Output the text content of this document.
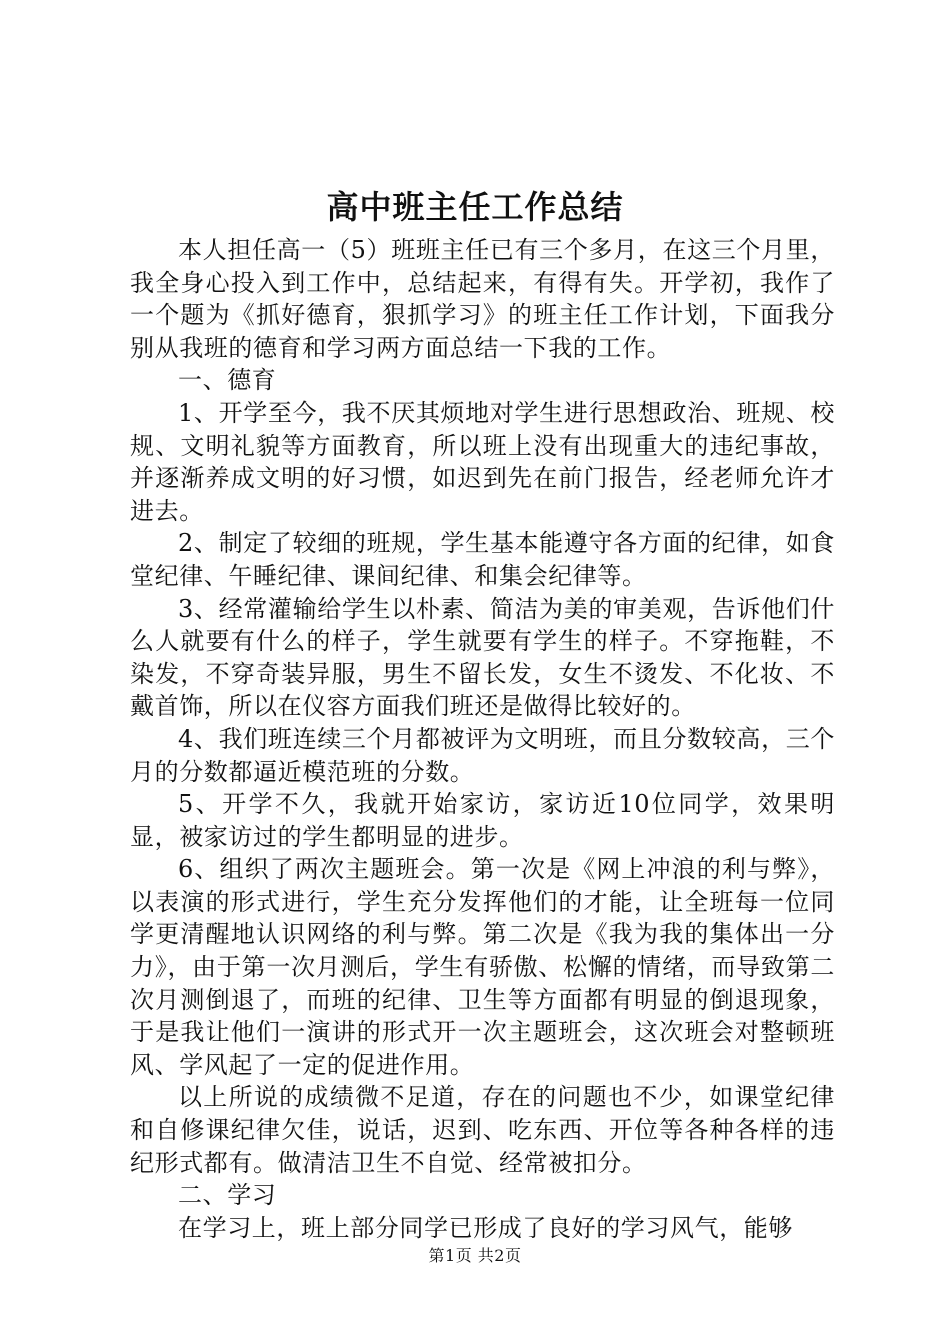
高中班主任工作总结

本人担任高一（5）班班主任已有三个多月，在这三个月里，我全身心投入到工作中，总结起来，有得有失。开学初，我作了一个题为《抓好德育，狠抓学习》的班主任工作计划，下面我分别从我班的德育和学习两方面总结一下我的工作。

一、德育

1、开学至今，我不厌其烦地对学生进行思想政治、班规、校规、文明礼貌等方面教育，所以班上没有出现重大的违纪事故，并逐渐养成文明的好习惯，如迟到先在前门报告，经老师允许才进去。

2、制定了较细的班规，学生基本能遵守各方面的纪律，如食堂纪律、午睡纪律、课间纪律、和集会纪律等。

3、经常灌输给学生以朴素、简洁为美的审美观，告诉他们什么人就要有什么的样子，学生就要有学生的样子。不穿拖鞋，不染发，不穿奇装异服，男生不留长发，女生不烫发、不化妆、不戴首饰，所以在仪容方面我们班还是做得比较好的。

4、我们班连续三个月都被评为文明班，而且分数较高，三个月的分数都逼近模范班的分数。

5、开学不久，我就开始家访，家访近10位同学，效果明显，被家访过的学生都明显的进步。

6、组织了两次主题班会。第一次是《网上冲浪的利与弊》，以表演的形式进行，学生充分发挥他们的才能，让全班每一位同学更清醒地认识网络的利与弊。第二次是《我为我的集体出一分力》，由于第一次月测后，学生有骄傲、松懈的情绪，而导致第二次月测倒退了，而班的纪律、卫生等方面都有明显的倒退现象，于是我让他们一演讲的形式开一次主题班会，这次班会对整顿班风、学风起了一定的促进作用。

以上所说的成绩微不足道，存在的问题也不少，如课堂纪律和自修课纪律欠佳，说话，迟到、吃东西、开位等各种各样的违纪形式都有。做清洁卫生不自觉、经常被扣分。

二、学习

在学习上，班上部分同学已形成了良好的学习风气，能够

第1页 共2页
